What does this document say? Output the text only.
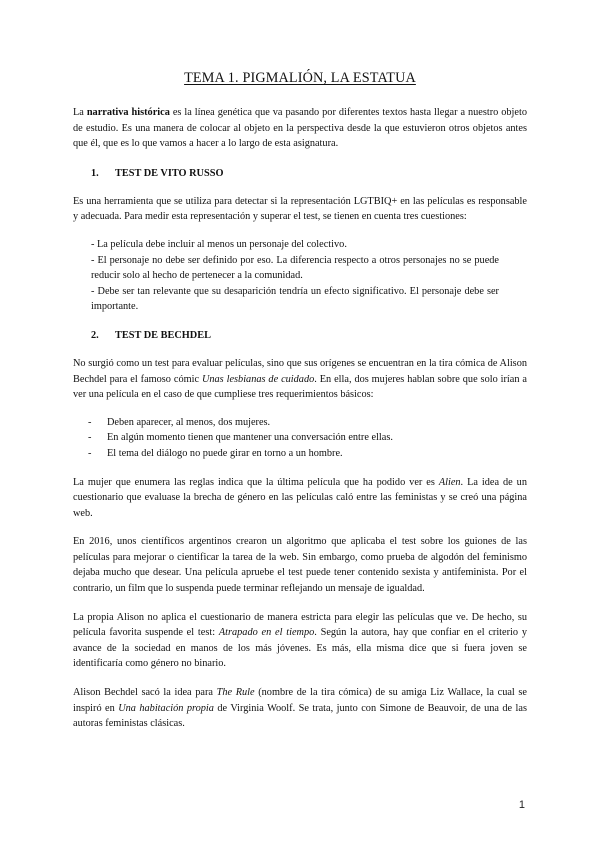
TEMA 1. PIGMALIÓN, LA ESTATUA

La narrativa histórica es la línea genética que va pasando por diferentes textos hasta llegar a nuestro objeto de estudio. Es una manera de colocar al objeto en la perspectiva desde la que estuvieron otros objetos antes que él, que es lo que vamos a hacer a lo largo de esta asignatura.

1.	TEST DE VITO RUSSO

Es una herramienta que se utiliza para detectar si la representación LGTBIQ+ en las películas es responsable y adecuada. Para medir esta representación y superar el test, se tienen en cuenta tres cuestiones:

- La película debe incluir al menos un personaje del colectivo.
- El personaje no debe ser definido por eso. La diferencia respecto a otros personajes no se puede reducir solo al hecho de pertenecer a la comunidad.
- Debe ser tan relevante que su desaparición tendría un efecto significativo. El personaje debe ser importante.
2.	TEST DE BECHDEL

No surgió como un test para evaluar películas, sino que sus orígenes se encuentran en la tira cómica de Alison Bechdel para el famoso cómic Unas lesbianas de cuidado. En ella, dos mujeres hablan sobre que solo irían a ver una película en el caso de que cumpliese tres requerimientos básicos:

-	Deben aparecer, al menos, dos mujeres.
-	En algún momento tienen que mantener una conversación entre ellas.
-	El tema del diálogo no puede girar en torno a un hombre.

La mujer que enumera las reglas indica que la última película que ha podido ver es Alien. La idea de un cuestionario que evaluase la brecha de género en las películas caló entre las feministas y se creó una página web.

En 2016, unos científicos argentinos crearon un algoritmo que aplicaba el test sobre los guiones de las películas para mejorar o cientificar la tarea de la web. Sin embargo, como prueba de algodón del feminismo dejaba mucho que desear. Una película apruebe el test puede tener contenido sexista y antifeminista. Por el contrario, un film que lo suspenda puede terminar reflejando un mensaje de igualdad.

La propia Alison no aplica el cuestionario de manera estricta para elegir las películas que ve. De hecho, su película favorita suspende el test: Atrapado en el tiempo. Según la autora, hay que confiar en el criterio y avance de la sociedad en manos de los más jóvenes. Es más, ella misma dice que si fuera joven se identificaría como género no binario.

Alison Bechdel sacó la idea para The Rule (nombre de la tira cómica) de su amiga Liz Wallace, la cual se inspiró en Una habitación propia de Virginia Woolf. Se trata, junto con Simone de Beauvoir, de una de las autoras feministas clásicas.

1
